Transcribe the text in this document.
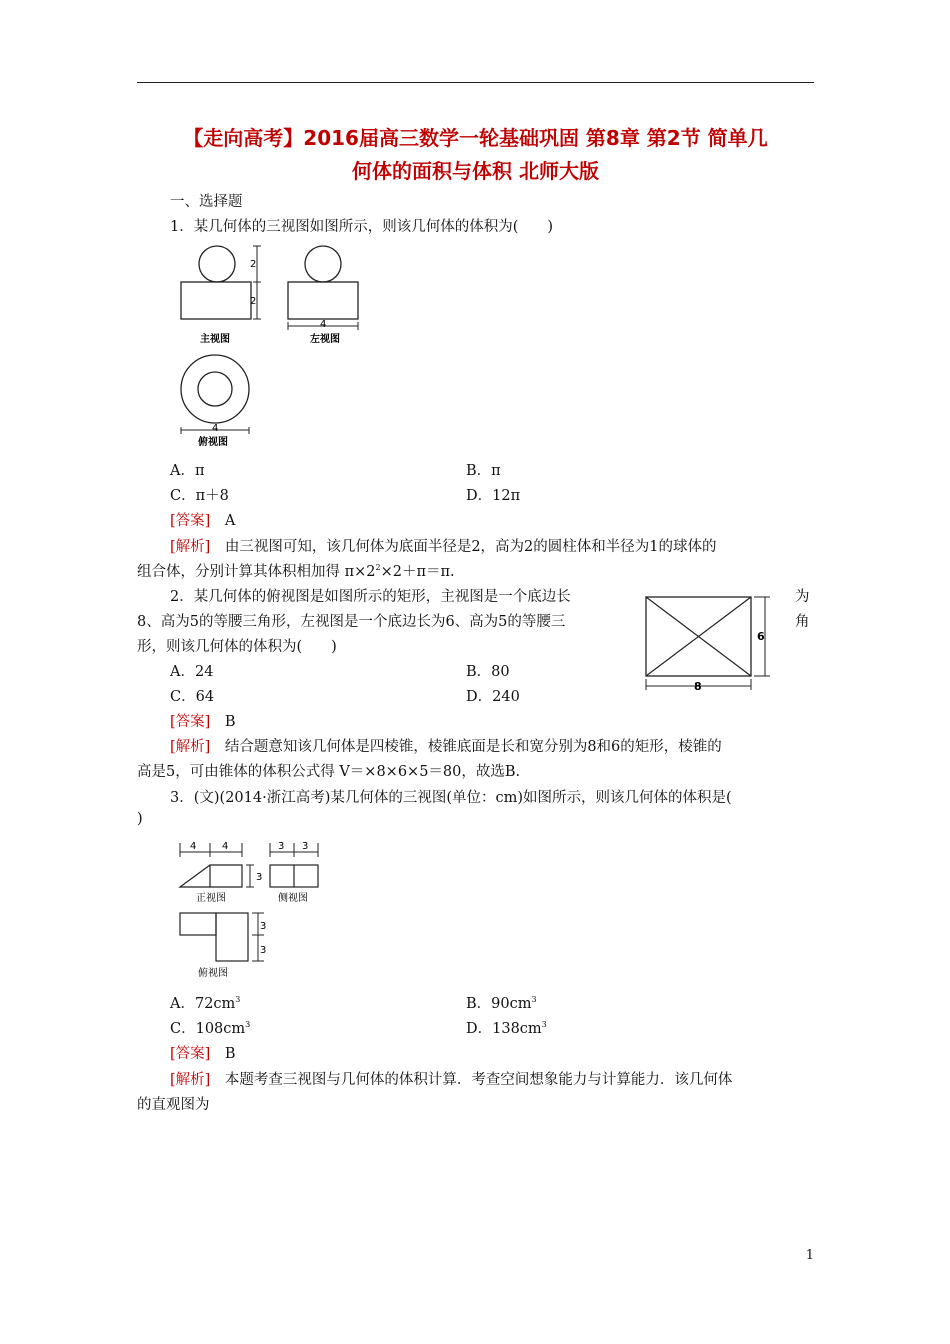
【走向高考】2016届高三数学一轮基础巩固 第8章 第2节 简单几
何体的面积与体积 北师大版
一、选择题
1．某几何体的三视图如图所示，则该几何体的体积为(　　)
2
2
主视图
4
左视图
4
俯视图
A．π	B．π
C．π＋8	D．12π
[答案]　 A
[解析]　 由三视图可知，该几何体为底面半径是2，高为2的圆柱体和半径为1的球体的
组合体，分别计算其体积相加得 $\pi\times 2^2\times 2+\pi=\pi$.
2．某几何体的俯视图是如图所示的矩形，主视图是一个底边长	为
8、高为5的等腰三角形，左视图是一个底边长为6、高为5的等腰三	角
形，则该几何体的体积为(　　)
6
8
A．24	B．80
C．64	D．240
[答案]　 B
[解析]　 结合题意知该几何体是四棱锥，棱锥底面是长和宽分别为8和6的矩形，棱锥的
高是5，可由锥体的体积公式得 V＝×8×6×5＝80，故选B.
3．(文)(2014·浙江高考)某几何体的三视图(单位：cm)如图所示，则该几何体的体积是(
)
4	4
3
正视图
3 3
侧视图
3
3
俯视图
A．$72cm^3$	B．$90cm^3$
C．$108cm^3$	D．$138cm^3$
[答案]　 B
[解析]　 本题考查三视图与几何体的体积计算．考查空间想象能力与计算能力．该几何体
的直观图为
1
